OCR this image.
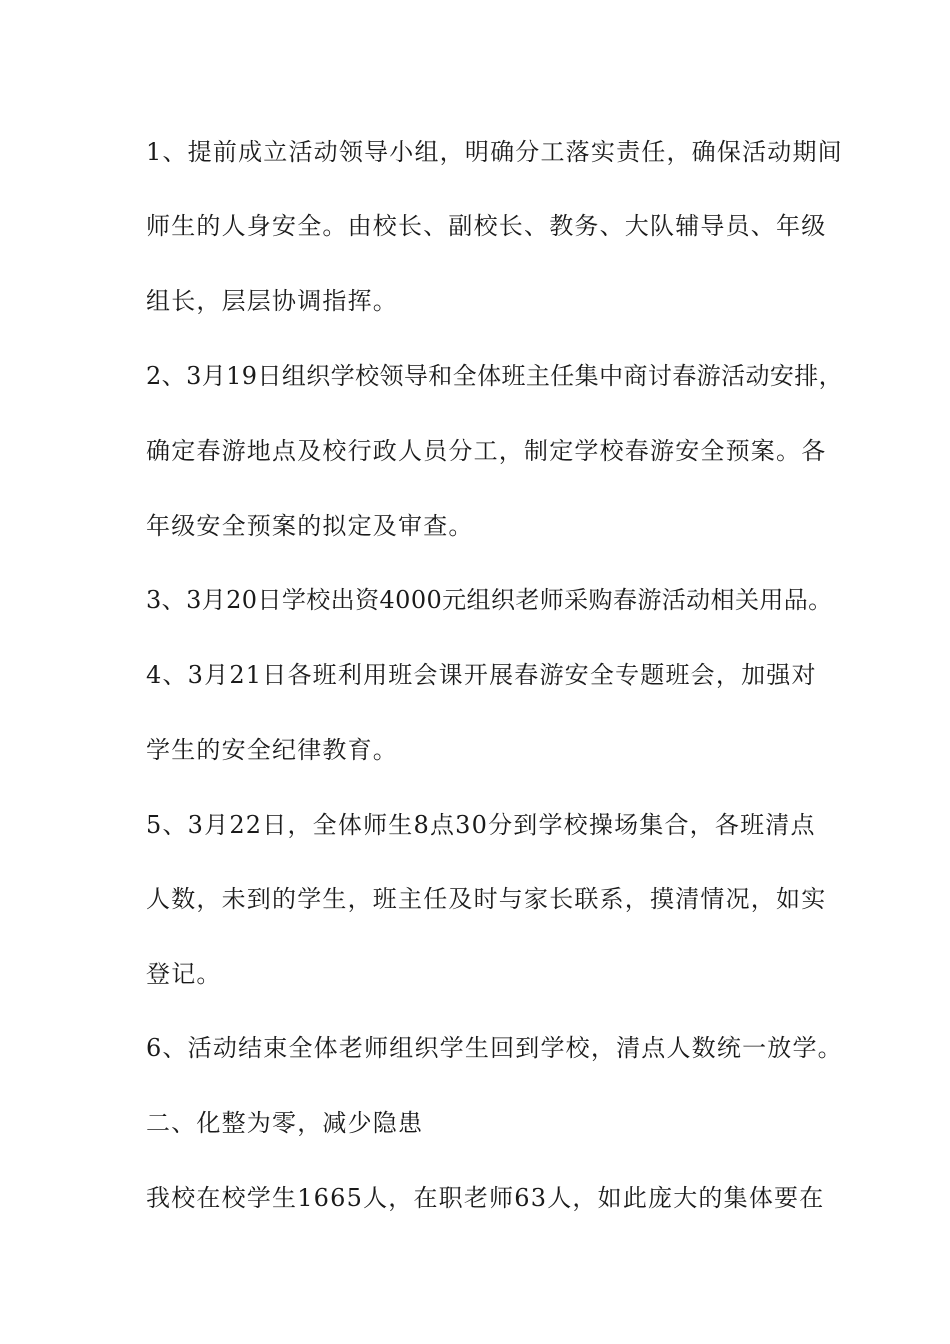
1、提前成立活动领导小组，明确分工落实责任，确保活动期间
师生的人身安全。由校长、副校长、教务、大队辅导员、年级
组长，层层协调指挥。
2、3月19日组织学校领导和全体班主任集中商讨春游活动安排，
确定春游地点及校行政人员分工，制定学校春游安全预案。各
年级安全预案的拟定及审查。
3、3月20日学校出资4000元组织老师采购春游活动相关用品。
4、3月21日各班利用班会课开展春游安全专题班会，加强对
学生的安全纪律教育。
5、3月22日，全体师生8点30分到学校操场集合，各班清点
人数，未到的学生，班主任及时与家长联系，摸清情况，如实
登记。
6、活动结束全体老师组织学生回到学校，清点人数统一放学。
二、化整为零，减少隐患
我校在校学生1665人，在职老师63人，如此庞大的集体要在
